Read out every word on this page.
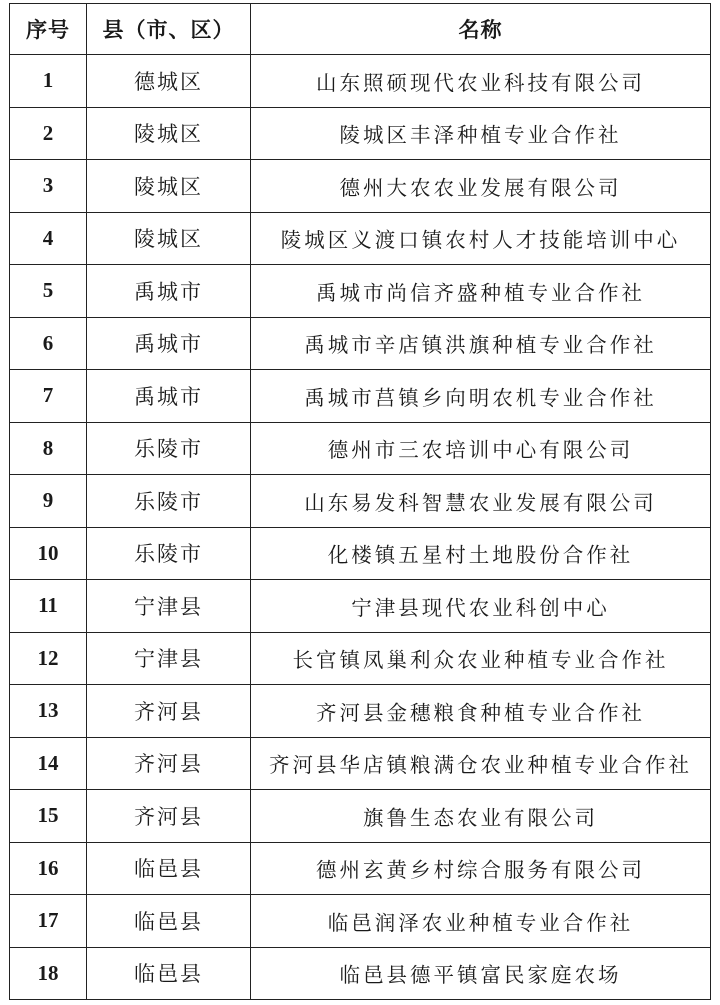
序号	县（市、区）	名称
1	德城区	山东照硕现代农业科技有限公司
2	陵城区	陵城区丰泽种植专业合作社
3	陵城区	德州大农农业发展有限公司
4	陵城区	陵城区义渡口镇农村人才技能培训中心
5	禹城市	禹城市尚信齐盛种植专业合作社
6	禹城市	禹城市辛店镇洪旗种植专业合作社
7	禹城市	禹城市莒镇乡向明农机专业合作社
8	乐陵市	德州市三农培训中心有限公司
9	乐陵市	山东易发科智慧农业发展有限公司
10	乐陵市	化楼镇五星村土地股份合作社
11	宁津县	宁津县现代农业科创中心
12	宁津县	长官镇凤巢利众农业种植专业合作社
13	齐河县	齐河县金穗粮食种植专业合作社
14	齐河县	齐河县华店镇粮满仓农业种植专业合作社
15	齐河县	旗鲁生态农业有限公司
16	临邑县	德州玄黄乡村综合服务有限公司
17	临邑县	临邑润泽农业种植专业合作社
18	临邑县	临邑县德平镇富民家庭农场
